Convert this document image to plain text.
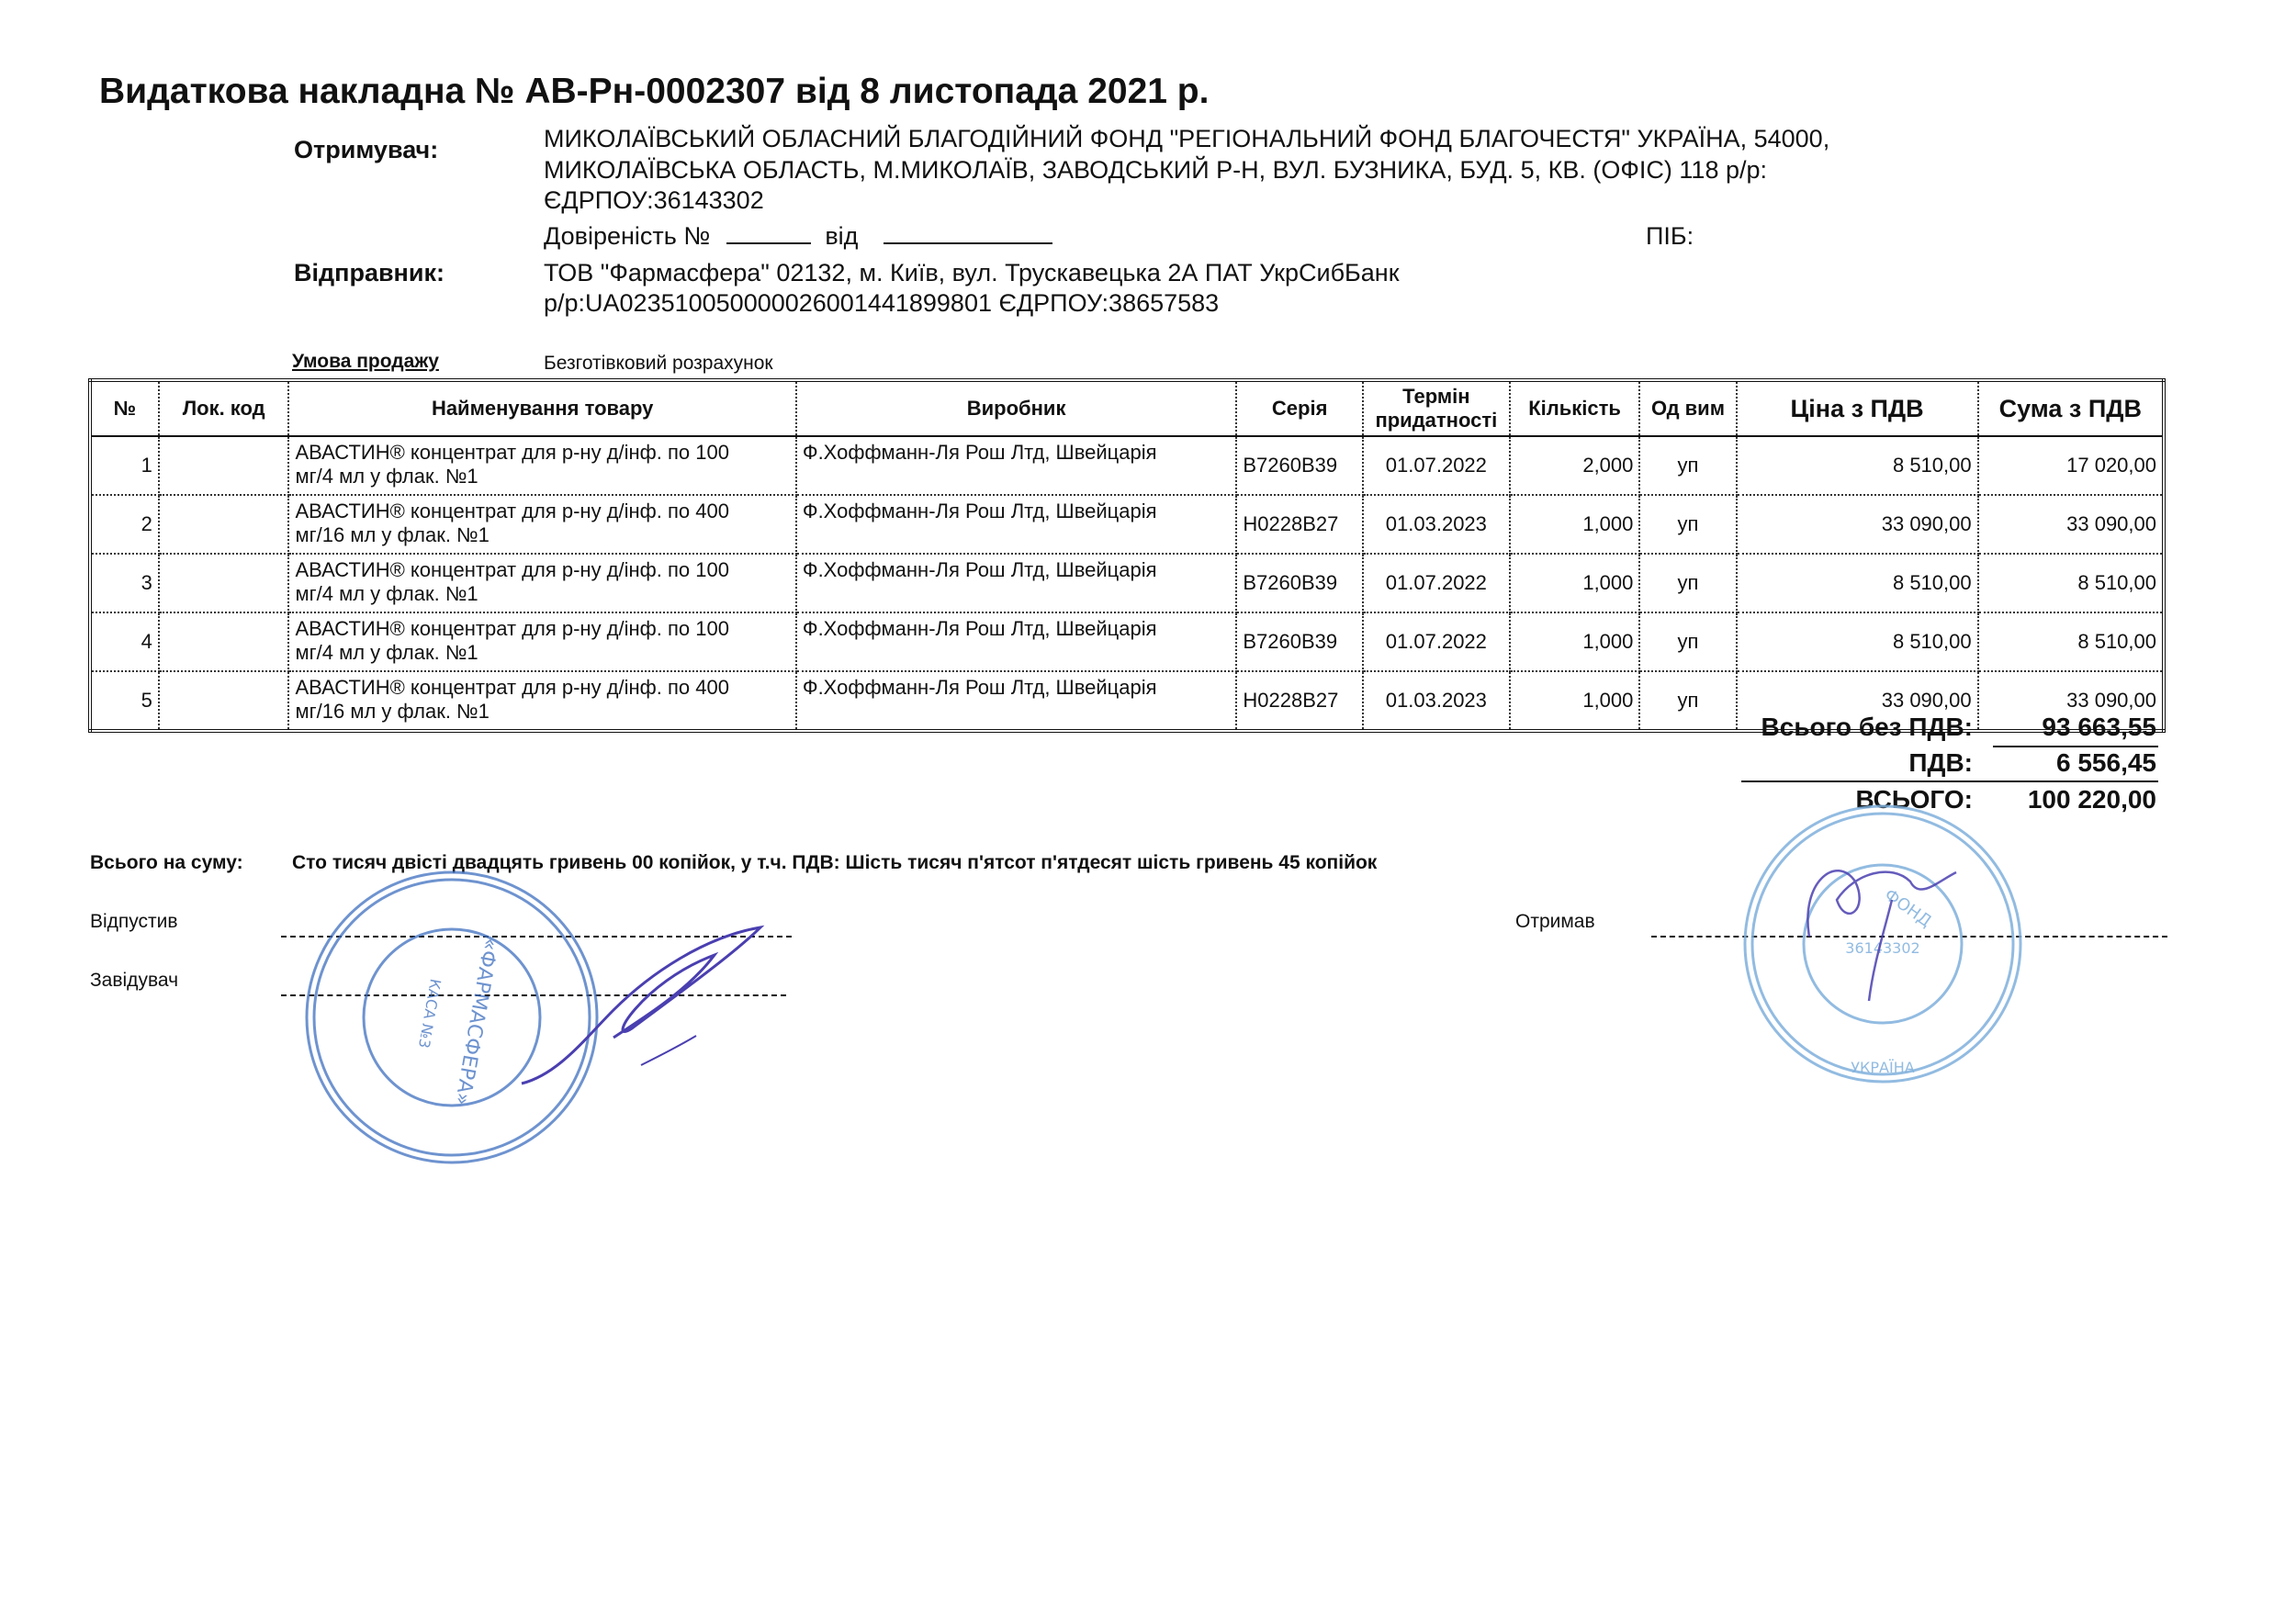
Видаткова накладна № АВ-Рн-0002307 від 8 листопада 2021 р.
Отримувач:	МИКОЛАЇВСЬКИЙ ОБЛАСНИЙ БЛАГОДІЙНИЙ ФОНД "РЕГІОНАЛЬНИЙ ФОНД БЛАГОЧЕСТЯ" УКРАЇНА, 54000,
МИКОЛАЇВСЬКА ОБЛАСТЬ, М.МИКОЛАЇВ, ЗАВОДСЬКИЙ Р-Н, ВУЛ. БУЗНИКА, БУД. 5, КВ. (ОФІС) 118 р/р:
ЄДРПОУ:36143302
Довіреність №	від	ПІБ:
Відправник:	ТОВ "Фармасфера" 02132, м. Київ, вул. Трускавецька 2А ПАТ УкрСибБанк
р/р:UA023510050000026001441899801 ЄДРПОУ:38657583
Умова продажу	Безготівковий розрахунок
№	Лок. код	Найменування товару	Виробник	Серія	Термін
придатності	Кількість	Од вим	Ціна з ПДВ	Сума з ПДВ
1		АВАСТИН® концентрат для р-ну д/інф. по 100
мг/4 мл у флак. №1	Ф.Хоффманн-Ля Рош Лтд, Швейцарія	B7260B39	01.07.2022	2,000	уп	8 510,00	17 020,00
2		АВАСТИН® концентрат для р-ну д/інф. по 400
мг/16 мл у флак. №1	Ф.Хоффманн-Ля Рош Лтд, Швейцарія	H0228B27	01.03.2023	1,000	уп	33 090,00	33 090,00
3		АВАСТИН® концентрат для р-ну д/інф. по 100
мг/4 мл у флак. №1	Ф.Хоффманн-Ля Рош Лтд, Швейцарія	B7260B39	01.07.2022	1,000	уп	8 510,00	8 510,00
4		АВАСТИН® концентрат для р-ну д/інф. по 100
мг/4 мл у флак. №1	Ф.Хоффманн-Ля Рош Лтд, Швейцарія	B7260B39	01.07.2022	1,000	уп	8 510,00	8 510,00
5		АВАСТИН® концентрат для р-ну д/інф. по 400
мг/16 мл у флак. №1	Ф.Хоффманн-Ля Рош Лтд, Швейцарія	H0228B27	01.03.2023	1,000	уп	33 090,00	33 090,00
Всього без ПДВ:	93 663,55
ПДВ:	6 556,45
ВСЬОГО:	100 220,00
Всього на суму:	Сто тисяч двісті двадцять гривень 00 копійок, у т.ч. ПДВ: Шість тисяч п'ятсот п'ятдесят шість гривень 45 копійок
Відпустив
Завідувач
Отримав
«ФАРМАСФЕРА»
КАСА №3
ФОНД
36143302
УКРАЇНА
